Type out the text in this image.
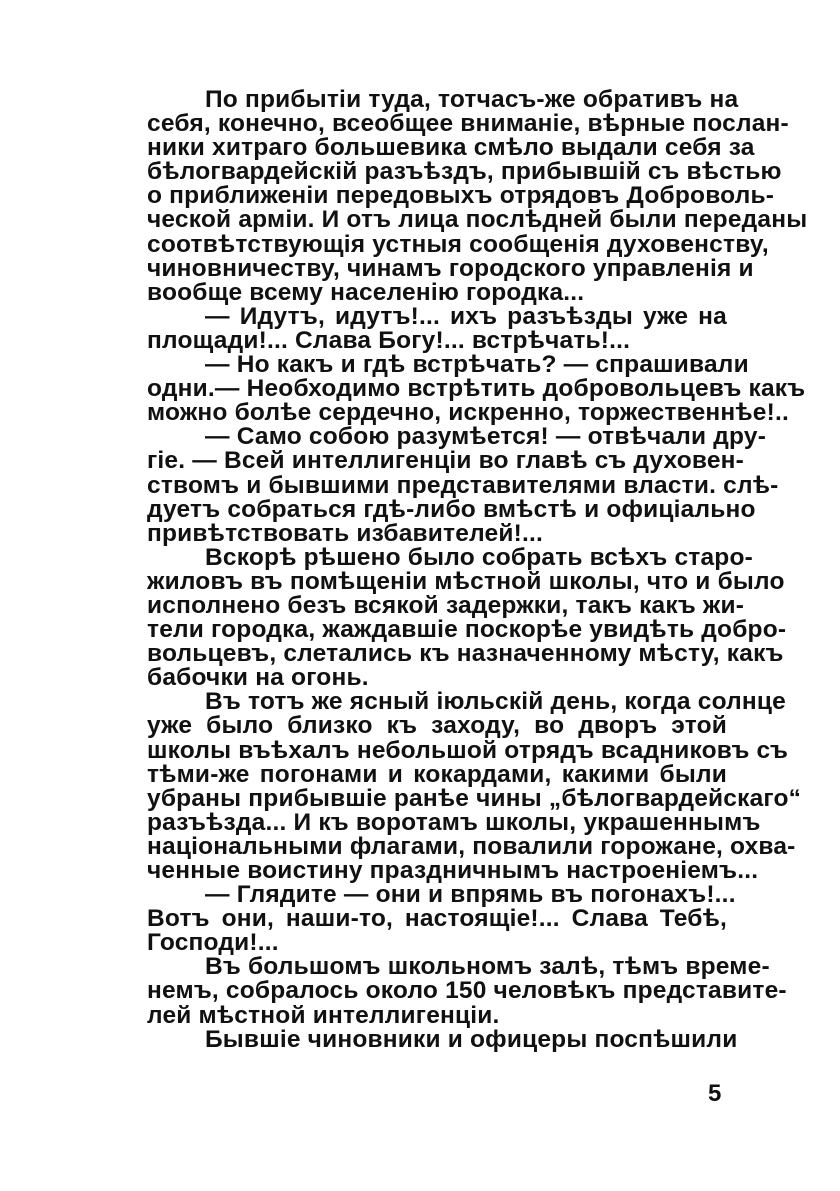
По прибытіи туда, тотчасъ-же обративъ на
себя, конечно, всеобщее вниманіе, вѣрные послан-
ники хитраго большевика смѣло выдали себя за
бѣлогвардейскій разъѣздъ, прибывшій съ вѣстью
о приближеніи передовыхъ отрядовъ Доброволь-
ческой арміи. И отъ лица послѣдней были переданы
соотвѣтствующія устныя сообщенія духовенству,
чиновничеству, чинамъ городского управленія и
вообще всему населенію городка...
— Идутъ, идутъ!... ихъ разъѣзды уже на
площади!... Слава Богу!... встрѣчать!...
— Но какъ и гдѣ встрѣчать? — спрашивали
одни.— Необходимо встрѣтить добровольцевъ какъ
можно болѣе сердечно, искренно, торжественнѣе!..
— Само собою разумѣется! — отвѣчали дру-
гіе. — Всей интеллигенціи во главѣ съ духовен-
ствомъ и бывшими представителями власти. слѣ-
дуетъ собраться гдѣ-либо вмѣстѣ и офиціально
привѣтствовать избавителей!...
Вскорѣ рѣшено было собрать всѣхъ старо-
жиловъ въ помѣщеніи мѣстной школы, что и было
исполнено безъ всякой задержки, такъ какъ жи-
тели городка, жаждавшіе поскорѣе увидѣть добро-
вольцевъ, слетались къ назначенному мѣсту, какъ
бабочки на огонь.
Въ тотъ же ясный іюльскій день, когда солнце
уже было близко къ заходу, во дворъ этой
школы въѣхалъ небольшой отрядъ всадниковъ съ
тѣми-же погонами и кокардами, какими были
убраны прибывшіе ранѣе чины „бѣлогвардейскаго“
разъѣзда... И къ воротамъ школы, украшеннымъ
національными флагами, повалили горожане, охва-
ченные воистину праздничнымъ настроеніемъ...
— Глядите — они и впрямь въ погонахъ!...
Вотъ они, наши-то, настоящіе!... Слава Тебѣ,
Господи!...
Въ большомъ школьномъ залѣ, тѣмъ време-
немъ, собралось около 150 человѣкъ представите-
лей мѣстной интеллигенціи.
Бывшіе чиновники и офицеры поспѣшили
5
